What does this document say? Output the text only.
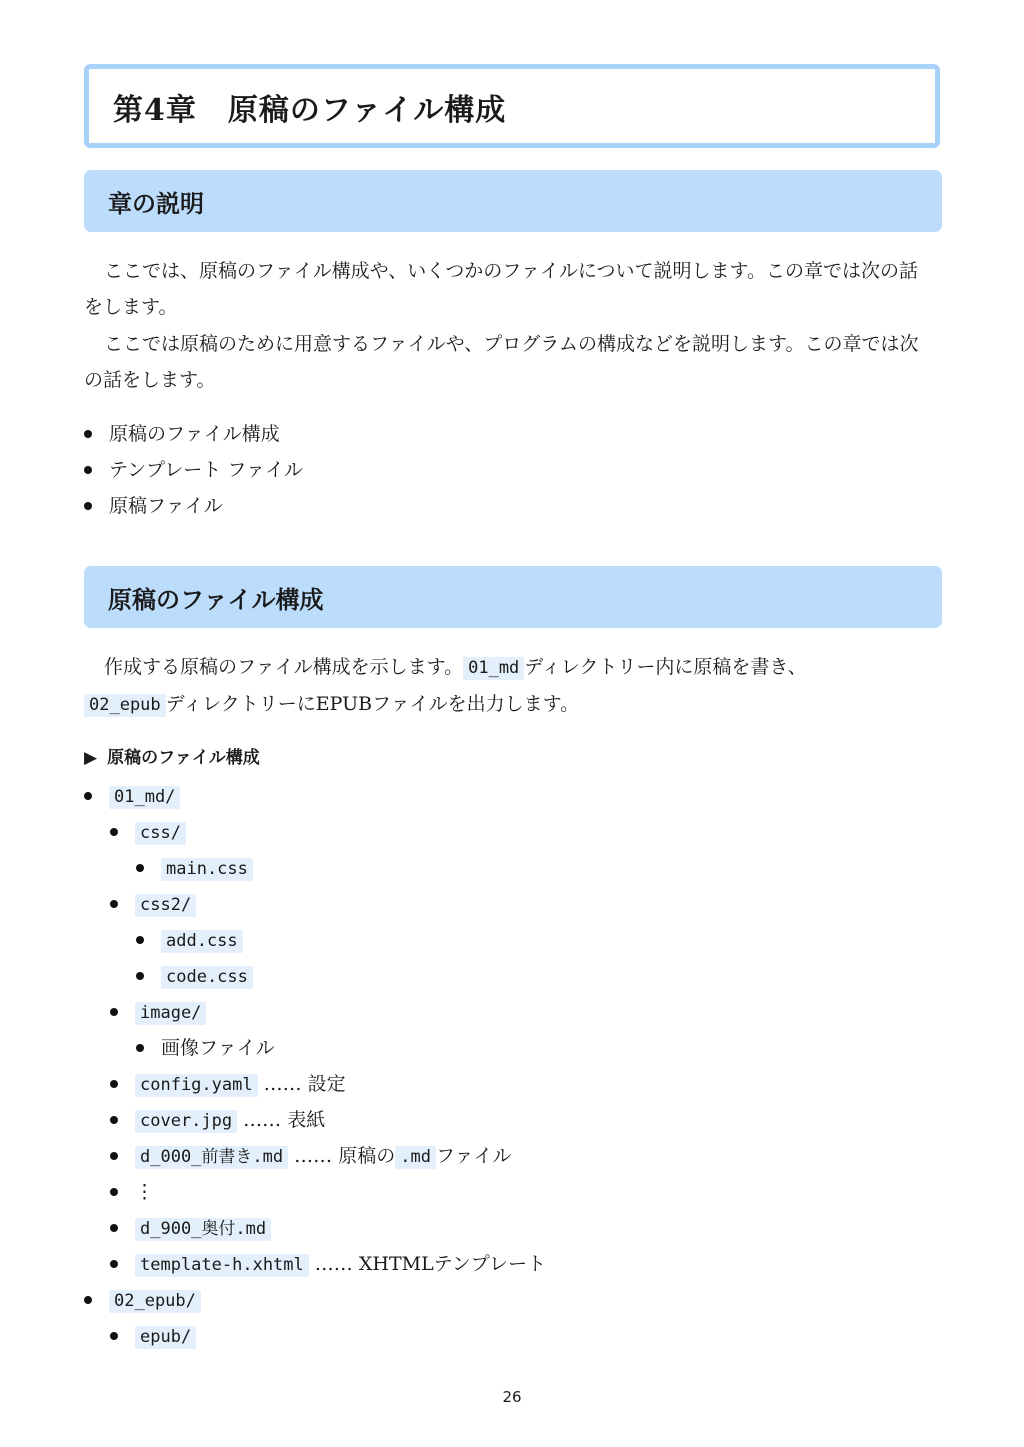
第4章　原稿のファイル構成
章の説明

ここでは、原稿のファイル構成や、いくつかのファイルについて説明します。この章では次の話をします。

ここでは原稿のために用意するファイルや、プログラムの構成などを説明します。この章では次の話をします。

原稿のファイル構成
テンプレート ファイル
原稿ファイル
原稿のファイル構成

作成する原稿のファイル構成を示します。 01_md ディレクトリー内に原稿を書き、
02_epub ディレクトリーにEPUBファイルを出力します。

▶ 原稿のファイル構成
01_md/
css/
main.css
css2/
add.css
code.css
image/
画像ファイル
config.yaml …… 設定
cover.jpg …… 表紙
d_000_前書き.md …… 原稿の .md ファイル
⋮
d_900_奥付.md
template-h.xhtml …… XHTMLテンプレート
02_epub/
epub/
26
